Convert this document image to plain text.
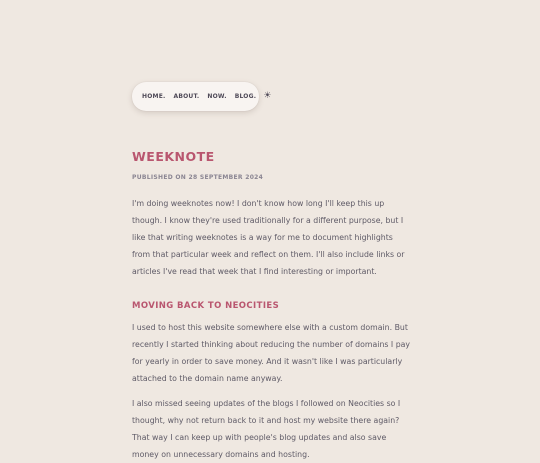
HOME. ABOUT. NOW. BLOG. ☀
WEEKNOTE
PUBLISHED ON 28 SEPTEMBER 2024

I'm doing weeknotes now! I don't know how long I'll keep this up though. I know they're used traditionally for a different purpose, but I like that writing weeknotes is a way for me to document highlights from that particular week and reflect on them. I'll also include links or articles I've read that week that I find interesting or important.

MOVING BACK TO NEOCITIES

I used to host this website somewhere else with a custom domain. But recently I started thinking about reducing the number of domains I pay for yearly in order to save money. And it wasn't like I was particularly attached to the domain name anyway.

I also missed seeing updates of the blogs I followed on Neocities so I thought, why not return back to it and host my website there again? That way I can keep up with people's blog updates and also save money on unnecessary domains and hosting.
